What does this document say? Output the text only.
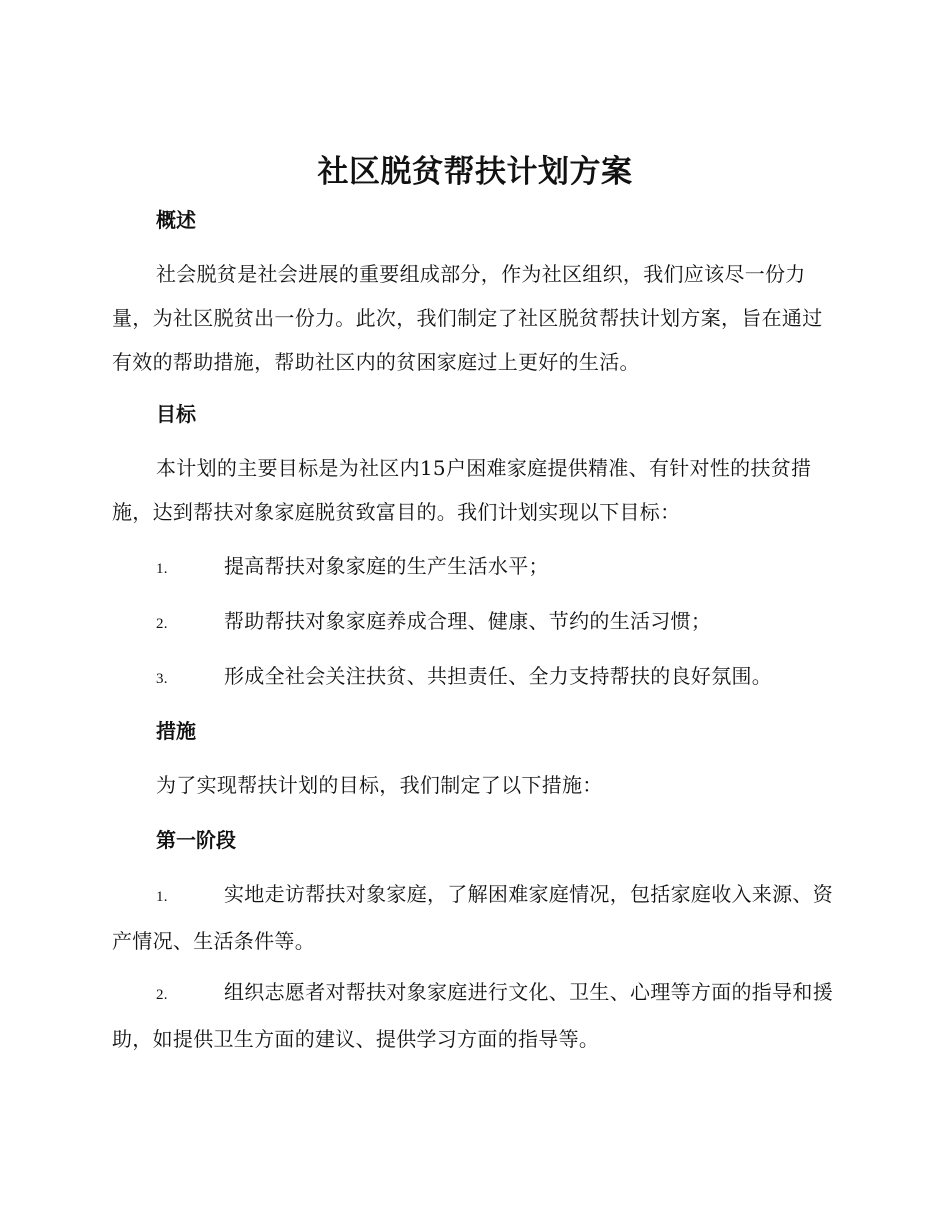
社区脱贫帮扶计划方案
概述
社会脱贫是社会进展的重要组成部分，作为社区组织，我们应该尽一份力量，为社区脱贫出一份力。此次，我们制定了社区脱贫帮扶计划方案，旨在通过有效的帮助措施，帮助社区内的贫困家庭过上更好的生活。
目标
本计划的主要目标是为社区内15户困难家庭提供精准、有针对性的扶贫措施，达到帮扶对象家庭脱贫致富目的。我们计划实现以下目标：
1.	提高帮扶对象家庭的生产生活水平；
2.	帮助帮扶对象家庭养成合理、健康、节约的生活习惯；
3.	形成全社会关注扶贫、共担责任、全力支持帮扶的良好氛围。
措施
为了实现帮扶计划的目标，我们制定了以下措施：
第一阶段
1.	实地走访帮扶对象家庭，了解困难家庭情况，包括家庭收入来源、资产情况、生活条件等。
2.	组织志愿者对帮扶对象家庭进行文化、卫生、心理等方面的指导和援助，如提供卫生方面的建议、提供学习方面的指导等。
